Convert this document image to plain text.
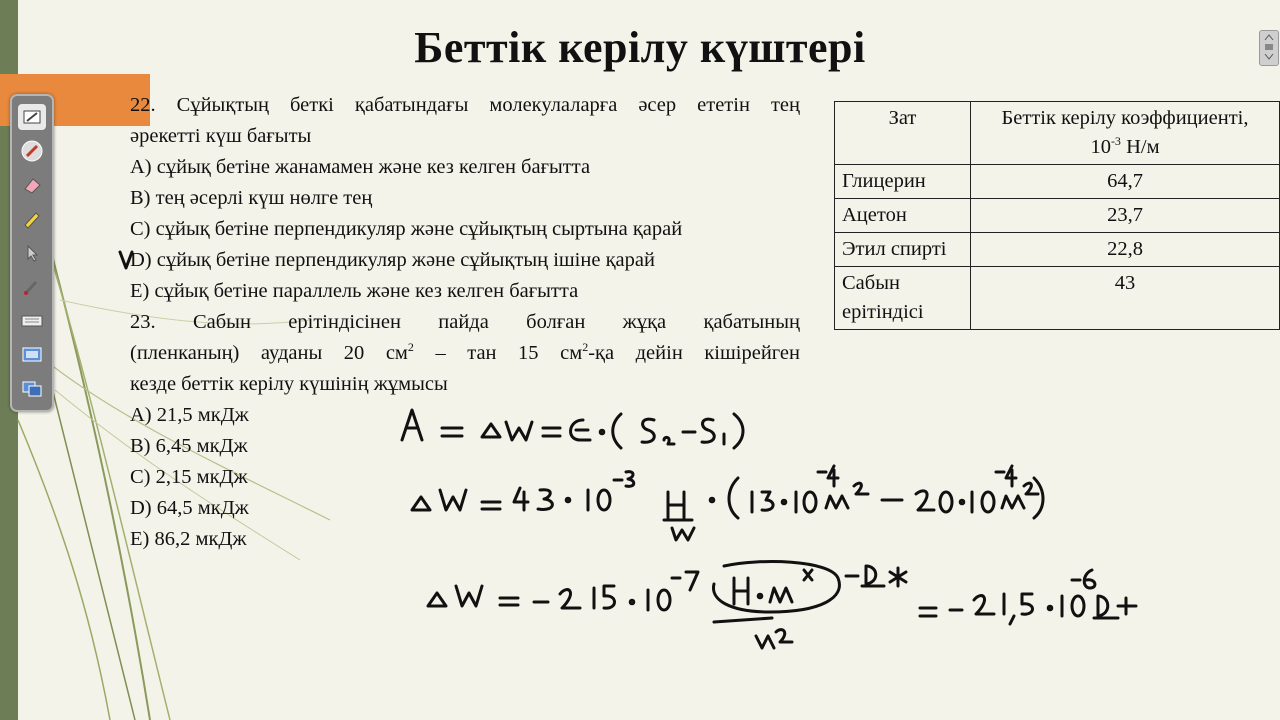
Беттік керілу күштері
22. Сұйықтың беткі қабатындағы молекулаларға әсер ететін тең
әрекетті күш бағыты
A) сұйық бетіне жанамамен және кез келген бағытта
B) тең әсерлі күш нөлге тең
C) сұйық бетіне перпендикуляр және сұйықтың сыртына қарай
D) сұйық бетіне перпендикуляр және сұйықтың ішіне қарай
E) сұйық бетіне параллель және кез келген бағытта
23. Сабын ерітіндісінен пайда болған жұқа қабатының
(пленканың) ауданы 20 $см^2$ – тан 15 $см^2-қа$ дейін кішірейген
кезде беттік керілу күшінің жұмысы
A) 21,5 мкДж
B) 6,45 мкДж
C) 2,15 мкДж
D) 64,5 мкДж
E) 86,2 мкДж
Зат	Беттік керілу коэффициенті,
$10^{-3}$ Н/м
Глицерин	64,7
Ацетон	23,7
Этил спирті	22,8
Сабын ерітіндісі	43
